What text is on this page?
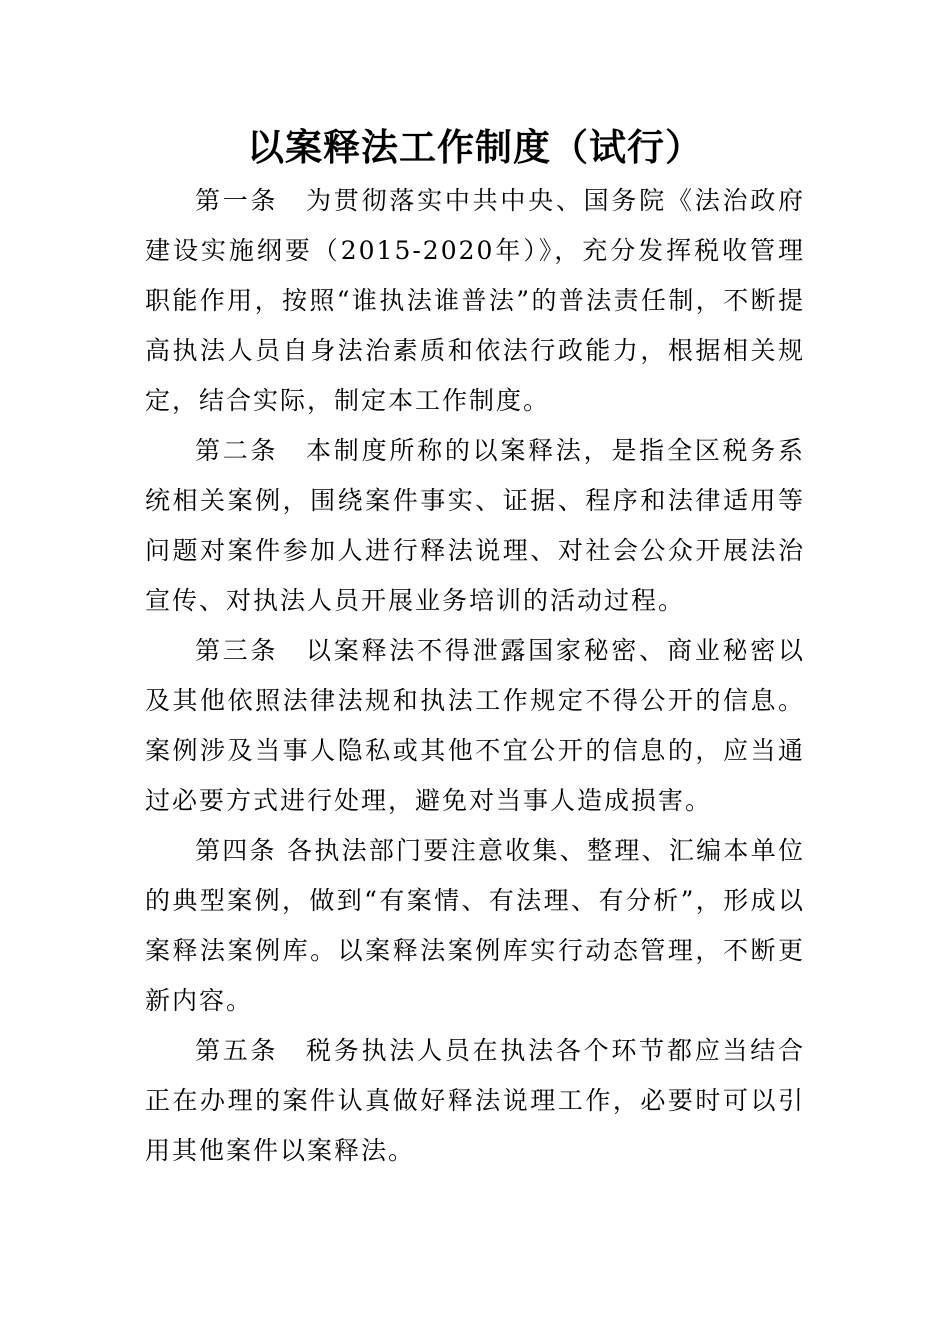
以案释法工作制度（试行）

第一条　为贯彻落实中共中央、国务院《法治政府建设实施纲要（2015-2020年）》，充分发挥税收管理职能作用，按照“谁执法谁普法”的普法责任制，不断提高执法人员自身法治素质和依法行政能力，根据相关规定，结合实际，制定本工作制度。

第二条　本制度所称的以案释法，是指全区税务系统相关案例，围绕案件事实、证据、程序和法律适用等问题对案件参加人进行释法说理、对社会公众开展法治宣传、对执法人员开展业务培训的活动过程。

第三条　以案释法不得泄露国家秘密、商业秘密以及其他依照法律法规和执法工作规定不得公开的信息。案例涉及当事人隐私或其他不宜公开的信息的，应当通过必要方式进行处理，避免对当事人造成损害。

第四条 各执法部门要注意收集、整理、汇编本单位的典型案例，做到“有案情、有法理、有分析”，形成以案释法案例库。以案释法案例库实行动态管理，不断更新内容。

第五条　税务执法人员在执法各个环节都应当结合正在办理的案件认真做好释法说理工作，必要时可以引用其他案件以案释法。
